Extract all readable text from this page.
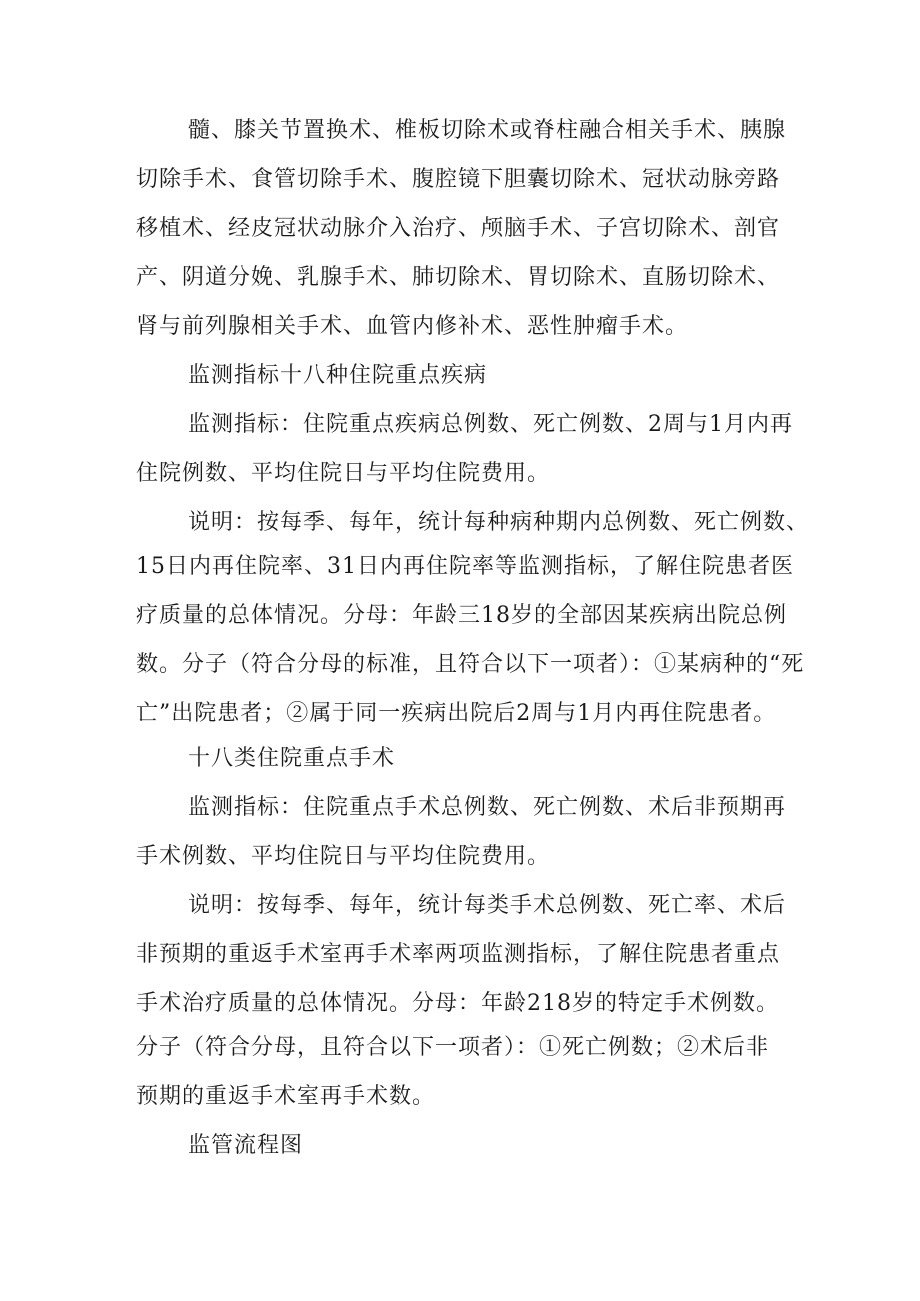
髓、膝关节置换术、椎板切除术或脊柱融合相关手术、胰腺
切除手术、食管切除手术、腹腔镜下胆囊切除术、冠状动脉旁路
移植术、经皮冠状动脉介入治疗、颅脑手术、子宫切除术、剖官
产、阴道分娩、乳腺手术、肺切除术、胃切除术、直肠切除术、
肾与前列腺相关手术、血管内修补术、恶性肿瘤手术。
监测指标十八种住院重点疾病
监测指标：住院重点疾病总例数、死亡例数、2周与1月内再
住院例数、平均住院日与平均住院费用。
说明：按每季、每年，统计每种病种期内总例数、死亡例数、
15日内再住院率、31日内再住院率等监测指标，了解住院患者医
疗质量的总体情况。分母：年龄三18岁的全部因某疾病出院总例
数。分子（符合分母的标准，且符合以下一项者）：①某病种的“死
亡”出院患者；②属于同一疾病出院后2周与1月内再住院患者。
十八类住院重点手术
监测指标：住院重点手术总例数、死亡例数、术后非预期再
手术例数、平均住院日与平均住院费用。
说明：按每季、每年，统计每类手术总例数、死亡率、术后
非预期的重返手术室再手术率两项监测指标，了解住院患者重点
手术治疗质量的总体情况。分母：年龄218岁的特定手术例数。
分子（符合分母，且符合以下一项者）：①死亡例数；②术后非
预期的重返手术室再手术数。
监管流程图
